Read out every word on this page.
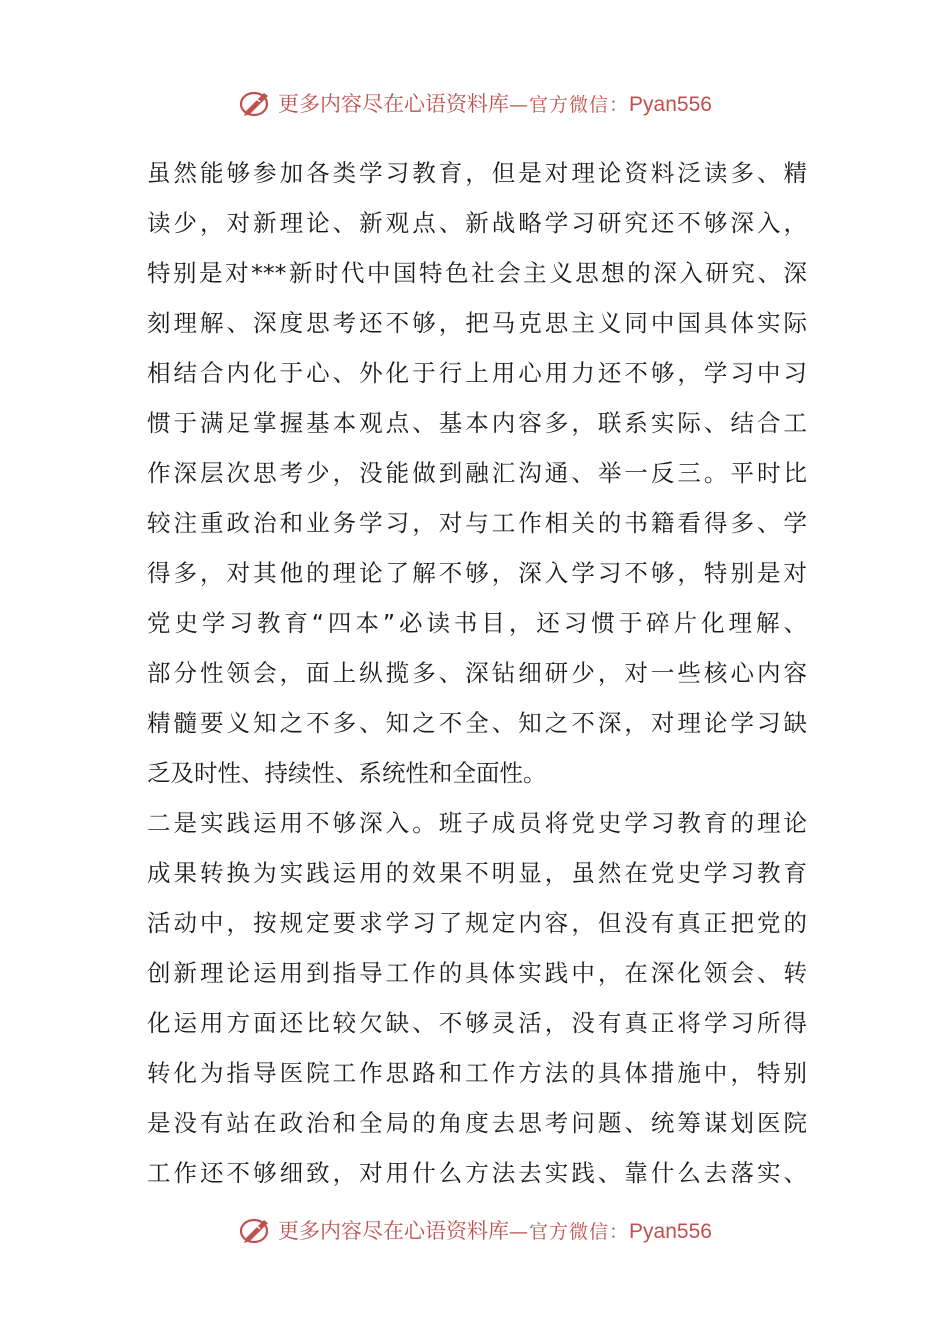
更多内容尽在心语资料库 —官方微信： Pyan556
虽然能够参加各类学习教育，但是对理论资料泛读多、精
读少，对新理论、新观点、新战略学习研究还不够深入，
特别是对***新时代中国特色社会主义思想的深入研究、深
刻理解、深度思考还不够，把马克思主义同中国具体实际
相结合内化于心、外化于行上用心用力还不够，学习中习
惯于满足掌握基本观点、基本内容多，联系实际、结合工
作深层次思考少，没能做到融汇沟通、举一反三。平时比
较注重政治和业务学习，对与工作相关的书籍看得多、学
得多，对其他的理论了解不够，深入学习不够，特别是对
党史学习教育“四本”必读书目，还习惯于碎片化理解、
部分性领会，面上纵揽多、深钻细研少，对一些核心内容
精髓要义知之不多、知之不全、知之不深，对理论学习缺
乏及时性、持续性、系统性和全面性。
二是实践运用不够深入。班子成员将党史学习教育的理论
成果转换为实践运用的效果不明显，虽然在党史学习教育
活动中，按规定要求学习了规定内容，但没有真正把党的
创新理论运用到指导工作的具体实践中，在深化领会、转
化运用方面还比较欠缺、不够灵活，没有真正将学习所得
转化为指导医院工作思路和工作方法的具体措施中，特别
是没有站在政治和全局的角度去思考问题、统筹谋划医院
工作还不够细致，对用什么方法去实践、靠什么去落实、
更多内容尽在心语资料库 —官方微信： Pyan556
